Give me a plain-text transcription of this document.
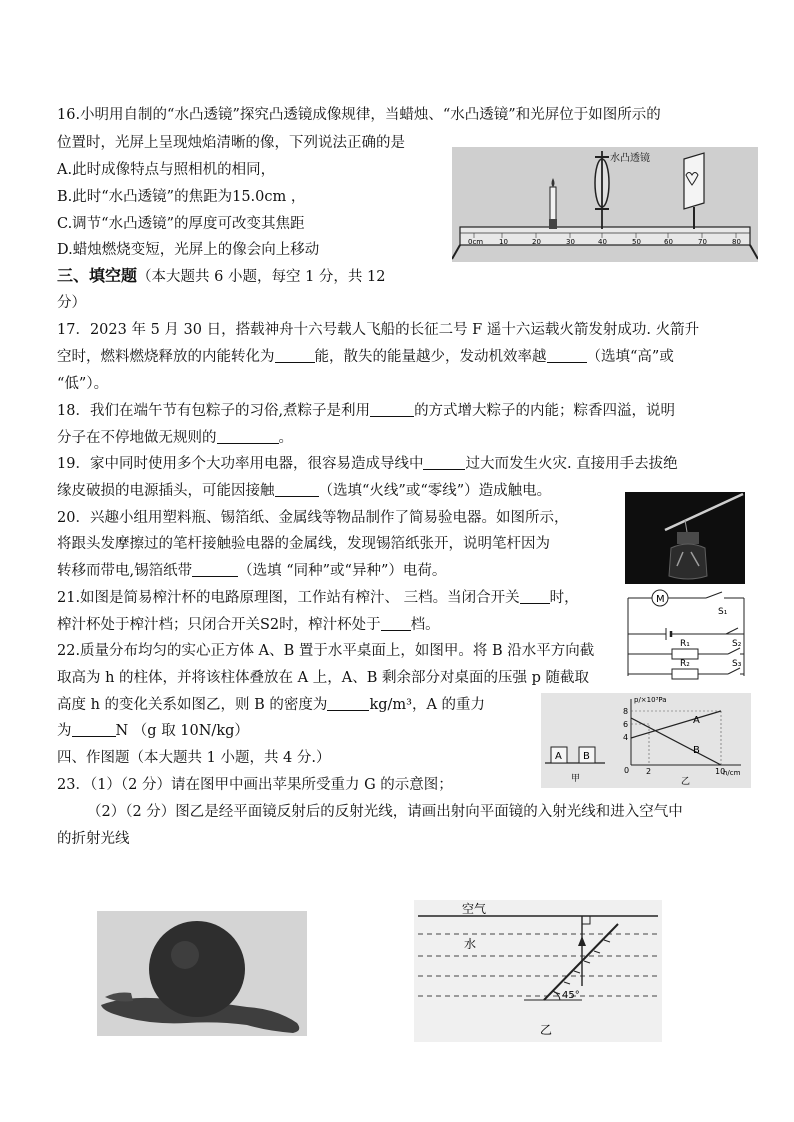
16.小明用自制的“水凸透镜”探究凸透镜成像规律，当蜡烛、“水凸透镜”和光屏位于如图所示的
位置时，光屏上呈现烛焰清晰的像，下列说法正确的是
A.此时成像特点与照相机的相同，
B.此时“水凸透镜”的焦距为15.0cm ，
C.调节“水凸透镜”的厚度可改变其焦距
D.蜡烛燃烧变短，光屏上的像会向上移动	0cm 10	20	30	40	50	60	70	80
水凸透镜
三、填空题（本大题共 6 小题，每空 1 分，共 12
分）
17．2023 年 5 月 30 日，搭载神舟十六号载人飞船的长征二号 F 遥十六运载火箭发射成功. 火箭升
空时，燃料燃烧释放的内能转化为	能，散失的能量越少，发动机效率越	（选填“高”或
“低”）。
18．我们在端午节有包粽子的习俗,煮粽子是利用	的方式增大粽子的内能；粽香四溢，说明
分子在不停地做无规则的	。
19．家中同时使用多个大功率用电器，很容易造成导线中	过大而发生火灾. 直接用手去拔绝
缘皮破损的电源插头，可能因接触	（选填“火线”或“零线”）造成触电。
20．兴趣小组用塑料瓶、锡箔纸、金属线等物品制作了简易验电器。如图所示，
将跟头发摩擦过的笔杆接触验电器的金属线，发现锡箔纸张开，说明笔杆因为
转移而带电,锡箔纸带	（选填 “同种”或“异种”）电荷。
21.如图是简易榨汁杯的电路原理图，工作站有榨汁、 三档。当闭合开关 时，
榨汁杯处于榨汁档；只闭合开关S2时，榨汁杯处于 档。
M
S₁
S₂
S₃
R₁
R₂
22.质量分布均匀的实心正方体 A、B 置于水平桌面上，如图甲。将 B 沿水平方向截
取高为 h 的柱体，并将该柱体叠放在 A 上，A、B 剩余部分对桌面的压强 p 随截取
高度 h 的变化关系如图乙，则 B 的密度为	kg/m³，A 的重力
为	N （g 取 10N/kg）
A B
甲
p/×10³Pa
h/cm
0
8
6
4
2	10
A
B
乙
四、作图题（本大题共 1 小题，共 4 分.）
23．（1）（2 分）请在图甲中画出苹果所受重力 G 的示意图；
（2）（2 分）图乙是经平面镜反射后的反射光线，请画出射向平面镜的入射光线和进入空气中
的折射光线
空气
水
45°
乙
